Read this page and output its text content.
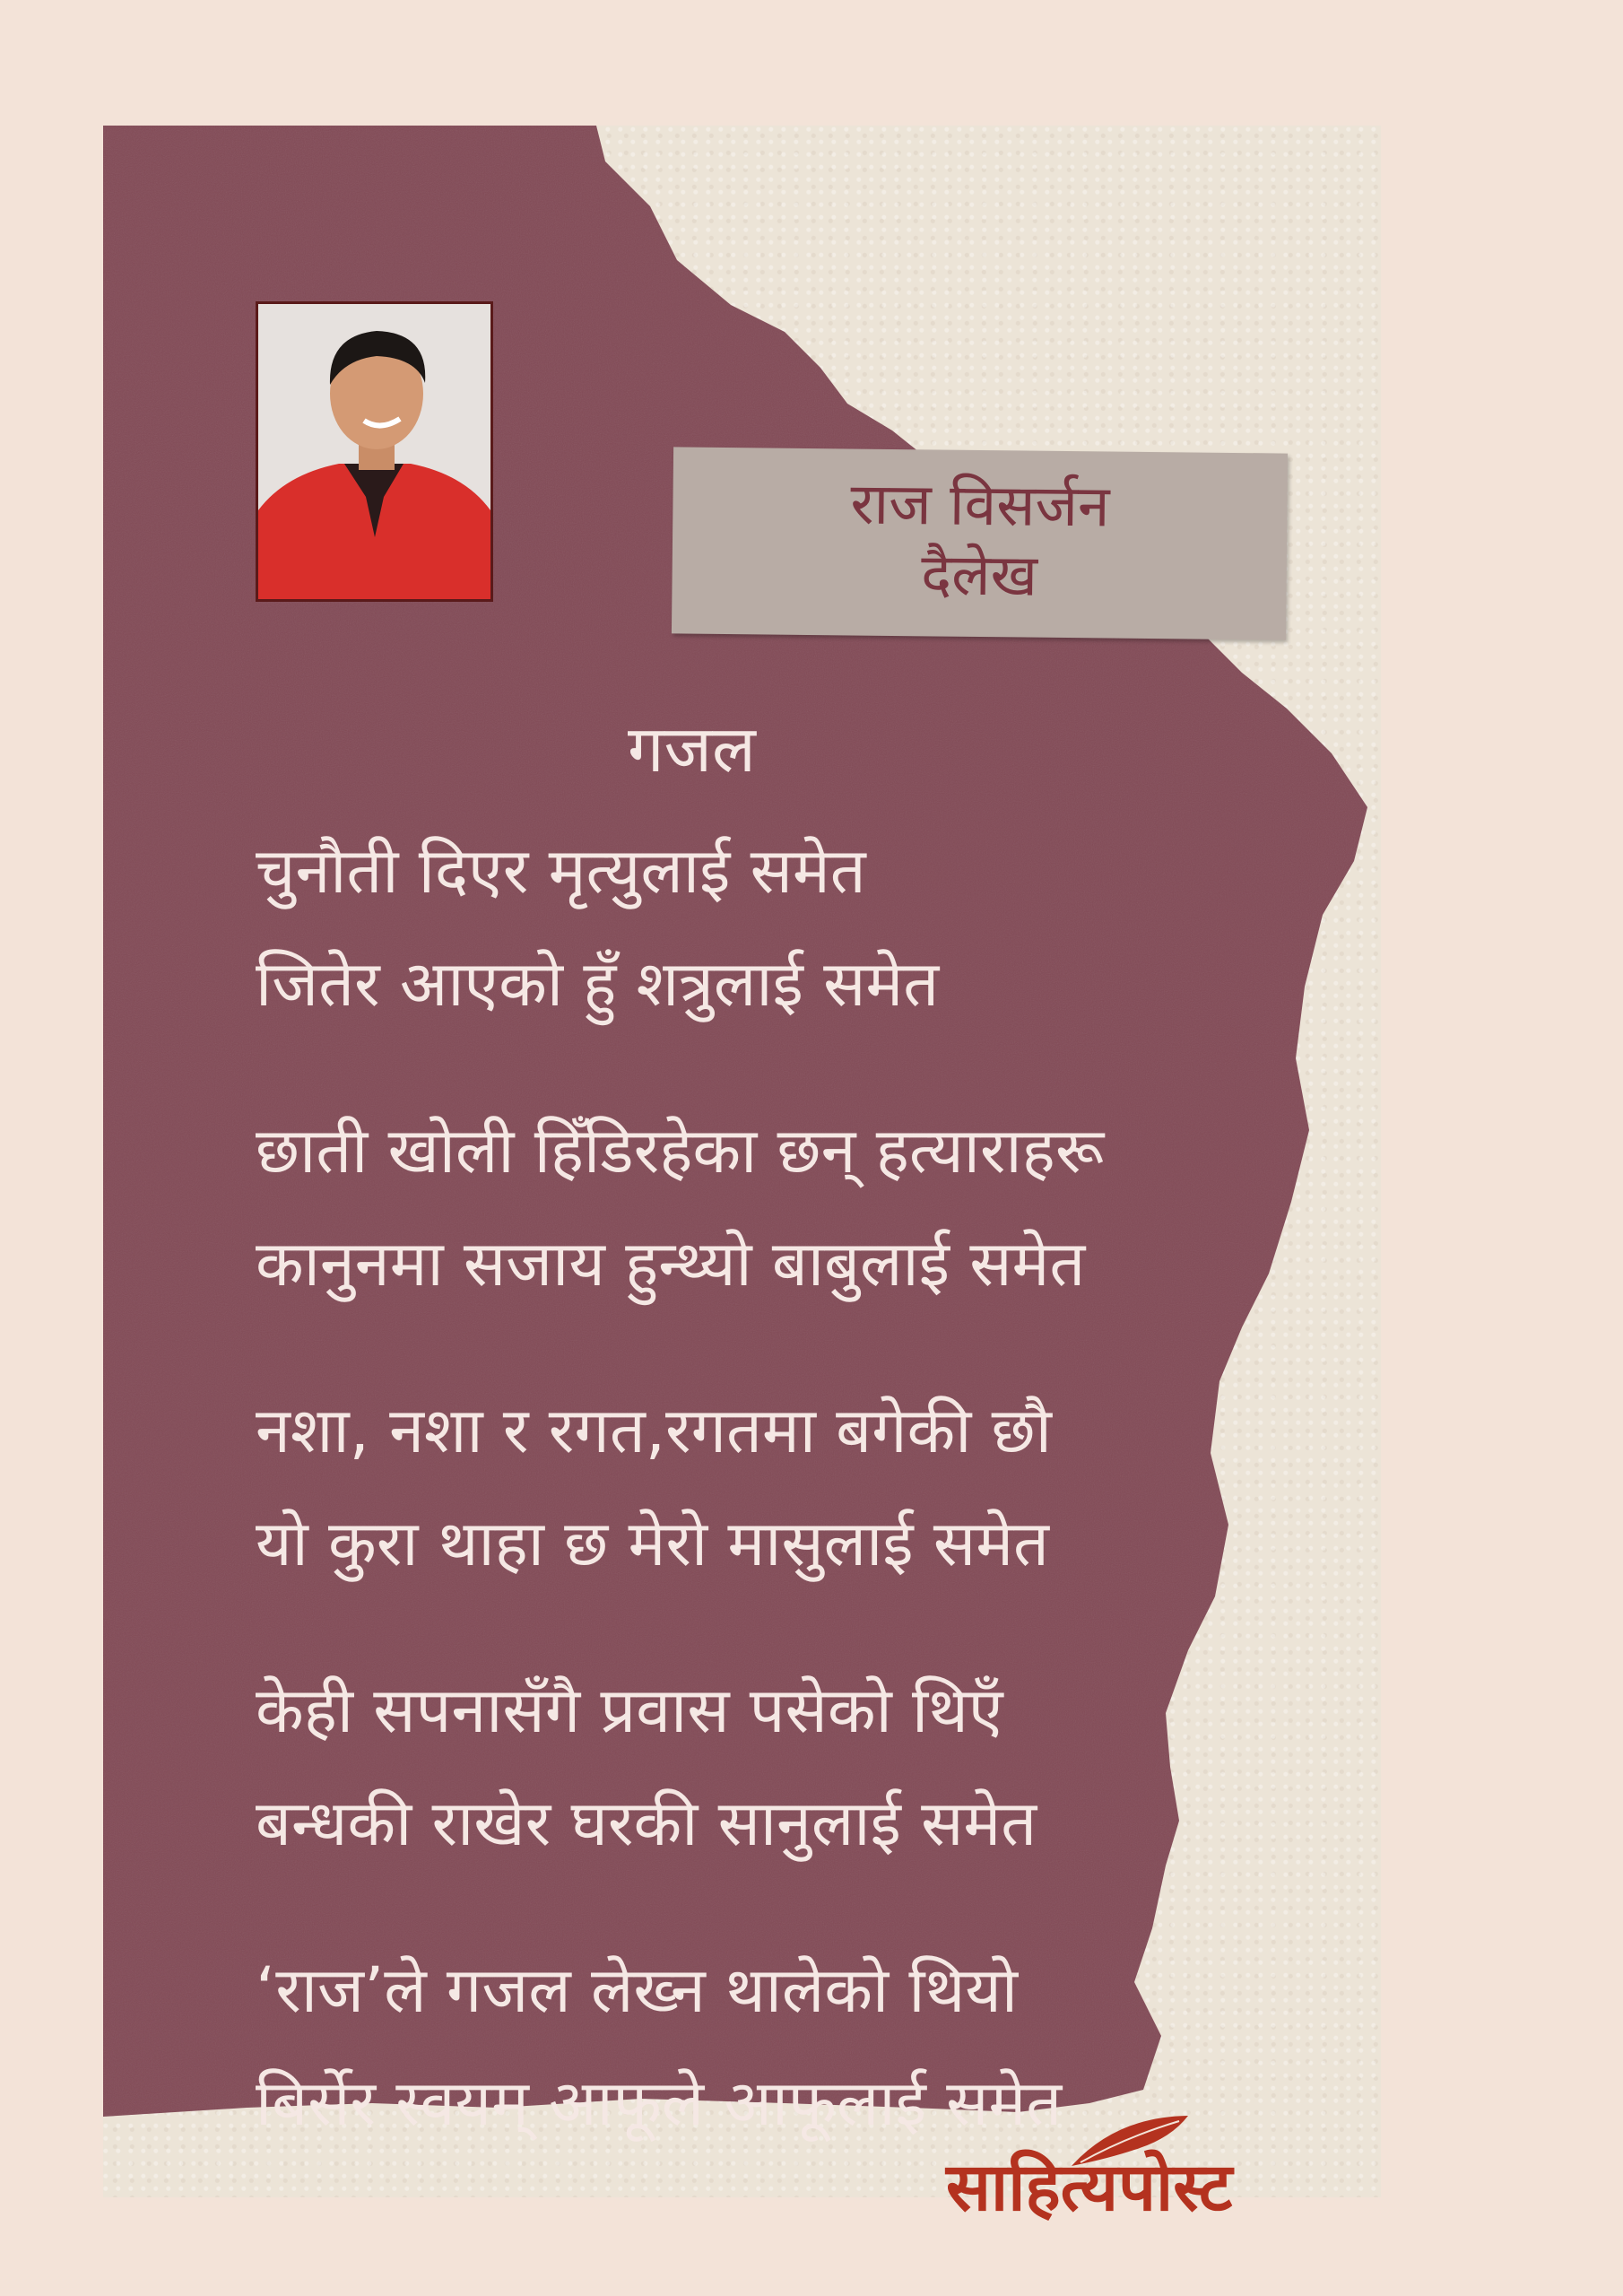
राज विसर्जन
दैलेख
गजल
चुनौती दिएर मृत्युलाई समेत
जितेर आएको हुँ शत्रुलाई समेत
छाती खोली हिँडिरहेका छन् हत्याराहरू
कानुनमा सजाय हुन्थ्यो बाबुलाई समेत
नशा, नशा र रगत,रगतमा बगेकी छौ
यो कुरा थाहा छ मेरो मासुलाई समेत
केही सपनासँगै प्रवास पसेको थिएँ
बन्धकी राखेर घरकी सानुलाई समेत
‘राज’ले गजल लेख्न थालेको थियो
बिर्सेर स्वयम् आफूले आफूलाई समेत
साहित्यपोस्ट
